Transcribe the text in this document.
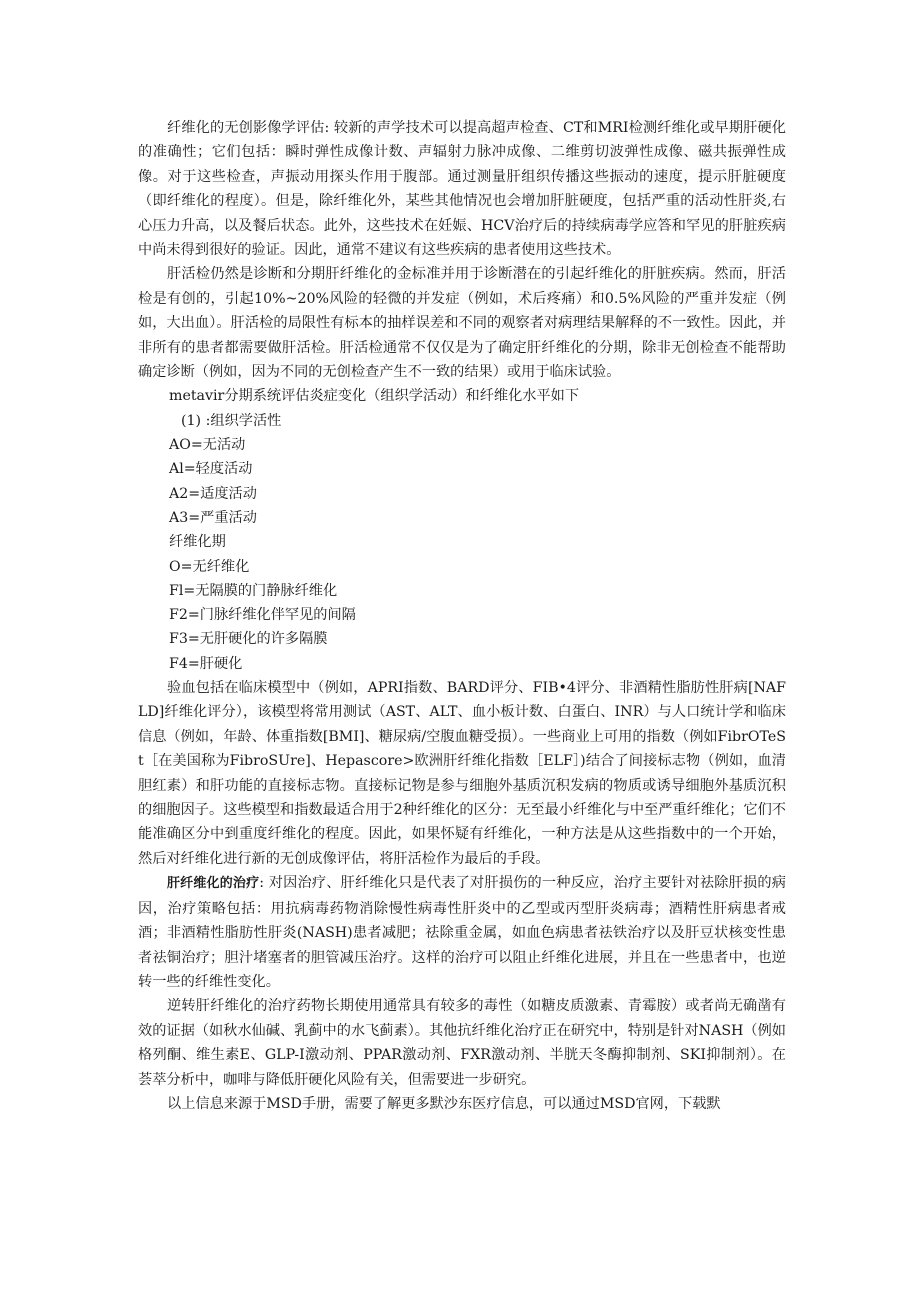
纤维化的无创影像学评估: 较新的声学技术可以提高超声检查、CT和MRI检测纤维化或早期肝硬化的准确性；它们包括：瞬时弹性成像计数、声辐射力脉冲成像、二维剪切波弹性成像、磁共振弹性成像。对于这些检查，声振动用探头作用于腹部。通过测量肝组织传播这些振动的速度，提示肝脏硬度（即纤维化的程度）。但是，除纤维化外，某些其他情况也会增加肝脏硬度，包括严重的活动性肝炎,右心压力升高，以及餐后状态。此外，这些技术在妊娠、HCV治疗后的持续病毒学应答和罕见的肝脏疾病中尚未得到很好的验证。因此，通常不建议有这些疾病的患者使用这些技术。

肝活检仍然是诊断和分期肝纤维化的金标准并用于诊断潜在的引起纤维化的肝脏疾病。然而，肝活检是有创的，引起10%~20%风险的轻微的并发症（例如，术后疼痛）和0.5%风险的严重并发症（例如，大出血）。肝活检的局限性有标本的抽样误差和不同的观察者对病理结果解释的不一致性。因此，并非所有的患者都需要做肝活检。肝活检通常不仅仅是为了确定肝纤维化的分期，除非无创检查不能帮助确定诊断（例如，因为不同的无创检查产生不一致的结果）或用于临床试验。

metavir分期系统评估炎症变化（组织学活动）和纤维化水平如下

(1) :组织学活性

AO=无活动

Al=轻度活动

A2=适度活动

A3=严重活动

纤维化期

O=无纤维化

Fl=无隔膜的门静脉纤维化

F2=门脉纤维化伴罕见的间隔

F3=无肝硬化的许多隔膜

F4=肝硬化

验血包括在临床模型中（例如，APRI指数、BARD评分、FIB•4评分、非酒精性脂肪性肝病[NAFLD]纤维化评分），该模型将常用测试（AST、ALT、血小板计数、白蛋白、INR）与人口统计学和临床信息（例如，年龄、体重指数[BMI]、糖尿病/空腹血糖受损）。一些商业上可用的指数（例如FibrOTeSt［在美国称为FibroSUre]、Hepascore>欧洲肝纤维化指数［ELF］)结合了间接标志物（例如，血清胆红素）和肝功能的直接标志物。直接标记物是参与细胞外基质沉积发病的物质或诱导细胞外基质沉积的细胞因子。这些模型和指数最适合用于2种纤维化的区分：无至最小纤维化与中至严重纤维化；它们不能准确区分中到重度纤维化的程度。因此，如果怀疑有纤维化，一种方法是从这些指数中的一个开始，然后对纤维化进行新的无创成像评估，将肝活检作为最后的手段。

肝纤维化的治疗: 对因治疗、肝纤维化只是代表了对肝损伤的一种反应，治疗主要针对祛除肝损的病因，治疗策略包括：用抗病毒药物消除慢性病毒性肝炎中的乙型或丙型肝炎病毒；酒精性肝病患者戒酒；非酒精性脂肪性肝炎(NASH)患者减肥；祛除重金属，如血色病患者祛铁治疗以及肝豆状核变性患者祛铜治疗；胆汁堵塞者的胆管减压治疗。这样的治疗可以阻止纤维化进展，并且在一些患者中，也逆转一些的纤维性变化。

逆转肝纤维化的治疗药物长期使用通常具有较多的毒性（如糖皮质激素、青霉胺）或者尚无确凿有效的证据（如秋水仙碱、乳蓟中的水飞蓟素）。其他抗纤维化治疗正在研究中，特别是针对NASH（例如格列酮、维生素E、GLP-I激动剂、PPAR激动剂、FXR激动剂、半胱天冬酶抑制剂、SKI抑制剂）。在荟萃分析中，咖啡与降低肝硬化风险有关，但需要进一步研究。

以上信息来源于MSD手册，需要了解更多默沙东医疗信息，可以通过MSD官网，下载默
